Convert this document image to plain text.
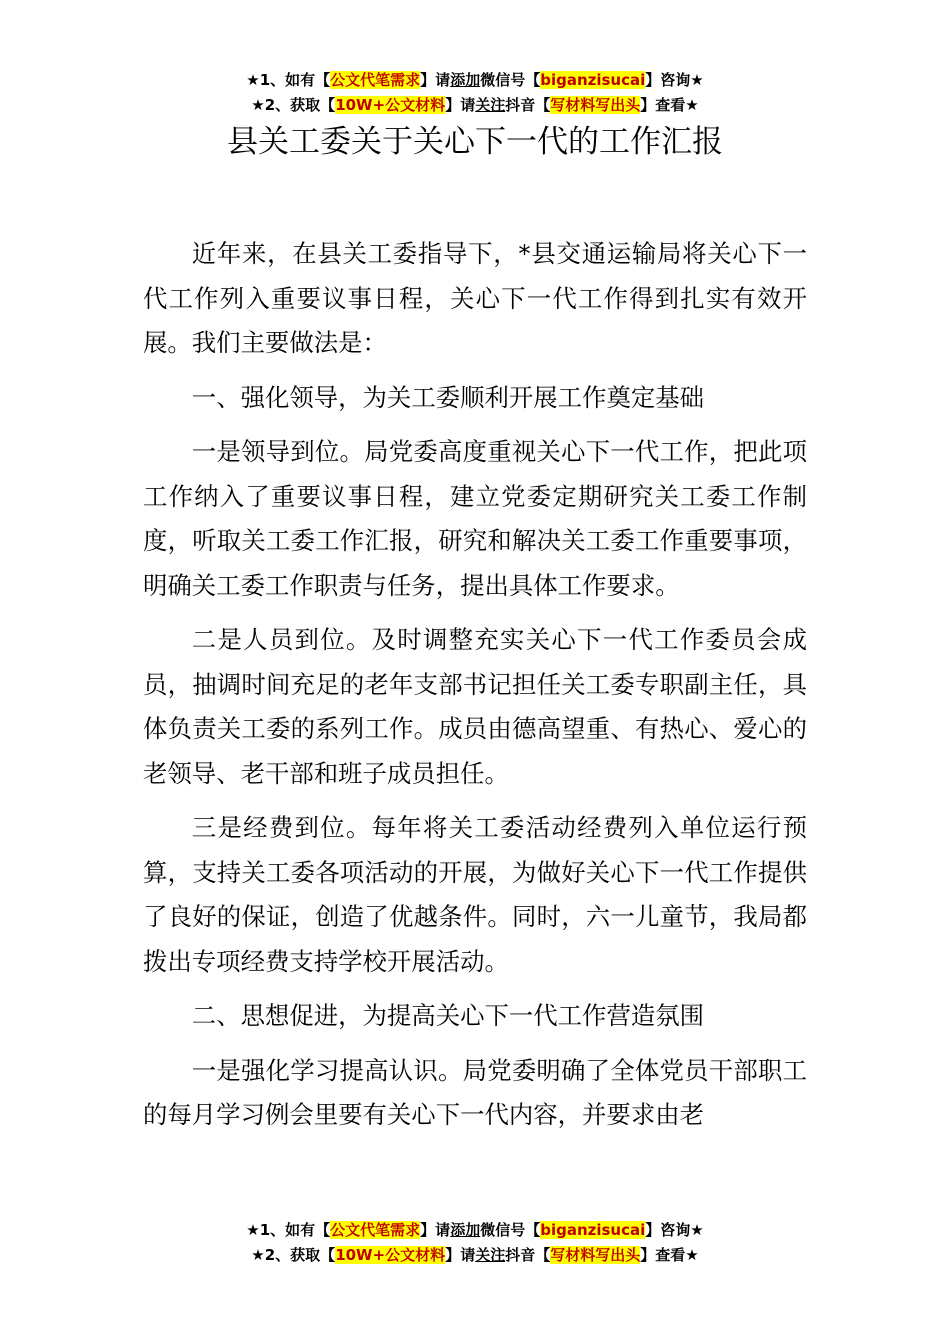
★1、如有【公文代笔需求】请添加微信号【biganzisucai】咨询★
★2、获取【10W+公文材料】请关注抖音【写材料写出头】查看★
县关工委关于关心下一代的工作汇报

近年来，在县关工委指导下，*县交通运输局将关心下一代工作列入重要议事日程，关心下一代工作得到扎实有效开展。我们主要做法是：

一、强化领导，为关工委顺利开展工作奠定基础

一是领导到位。局党委高度重视关心下一代工作，把此项工作纳入了重要议事日程，建立党委定期研究关工委工作制度，听取关工委工作汇报，研究和解决关工委工作重要事项，明确关工委工作职责与任务，提出具体工作要求。

二是人员到位。及时调整充实关心下一代工作委员会成员，抽调时间充足的老年支部书记担任关工委专职副主任，具体负责关工委的系列工作。成员由德高望重、有热心、爱心的老领导、老干部和班子成员担任。

三是经费到位。每年将关工委活动经费列入单位运行预算，支持关工委各项活动的开展，为做好关心下一代工作提供了良好的保证，创造了优越条件。同时，六一儿童节，我局都拨出专项经费支持学校开展活动。

二、思想促进，为提高关心下一代工作营造氛围

一是强化学习提高认识。局党委明确了全体党员干部职工的每月学习例会里要有关心下一代内容，并要求由老

★1、如有【公文代笔需求】请添加微信号【biganzisucai】咨询★
★2、获取【10W+公文材料】请关注抖音【写材料写出头】查看★
